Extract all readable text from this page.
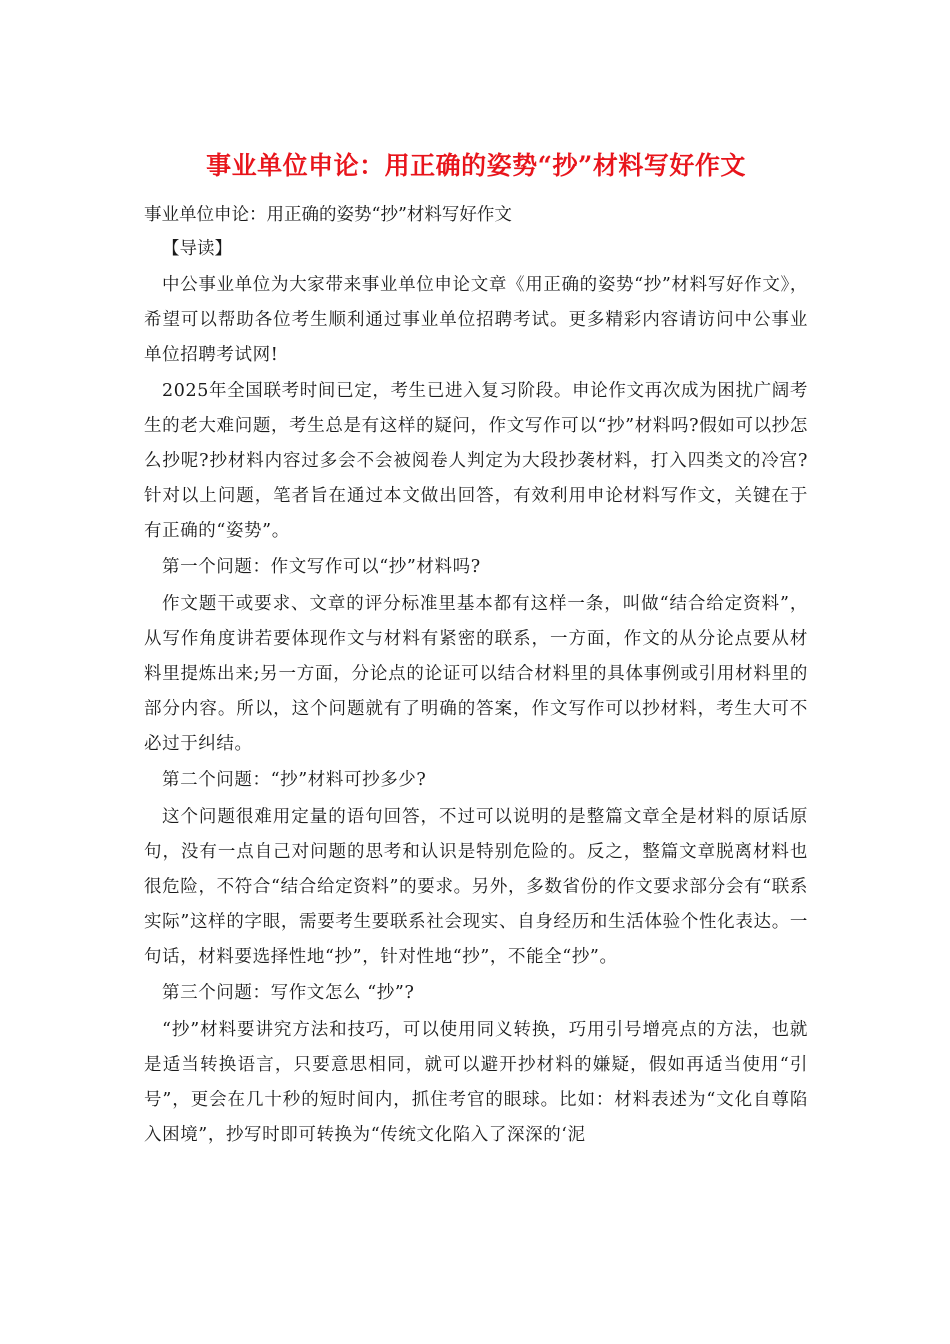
事业单位申论：用正确的姿势“抄”材料写好作文

事业单位申论：用正确的姿势“抄”材料写好作文

【导读】

中公事业单位为大家带来事业单位申论文章《用正确的姿势“抄”材料写好作文》，希望可以帮助各位考生顺利通过事业单位招聘考试。更多精彩内容请访问中公事业单位招聘考试网!

2025年全国联考时间已定，考生已进入复习阶段。申论作文再次成为困扰广阔考生的老大难问题，考生总是有这样的疑问，作文写作可以“抄”材料吗?假如可以抄怎么抄呢?抄材料内容过多会不会被阅卷人判定为大段抄袭材料，打入四类文的冷宫?针对以上问题，笔者旨在通过本文做出回答，有效利用申论材料写作文，关键在于有正确的“姿势”。

第一个问题：作文写作可以“抄”材料吗?

作文题干或要求、文章的评分标准里基本都有这样一条，叫做“结合给定资料”，从写作角度讲若要体现作文与材料有紧密的联系，一方面，作文的从分论点要从材料里提炼出来;另一方面，分论点的论证可以结合材料里的具体事例或引用材料里的部分内容。所以，这个问题就有了明确的答案，作文写作可以抄材料，考生大可不必过于纠结。

第二个问题：“抄”材料可抄多少?

这个问题很难用定量的语句回答，不过可以说明的是整篇文章全是材料的原话原句，没有一点自己对问题的思考和认识是特别危险的。反之，整篇文章脱离材料也很危险，不符合“结合给定资料”的要求。另外，多数省份的作文要求部分会有“联系实际”这样的字眼，需要考生要联系社会现实、自身经历和生活体验个性化表达。一句话，材料要选择性地“抄”，针对性地“抄”，不能全“抄”。

第三个问题：写作文怎么 “抄”?

“抄”材料要讲究方法和技巧，可以使用同义转换，巧用引号增亮点的方法，也就是适当转换语言，只要意思相同，就可以避开抄材料的嫌疑，假如再适当使用“引号”，更会在几十秒的短时间内，抓住考官的眼球。比如：材料表述为“文化自尊陷入困境”，抄写时即可转换为“传统文化陷入了深深的‘泥
